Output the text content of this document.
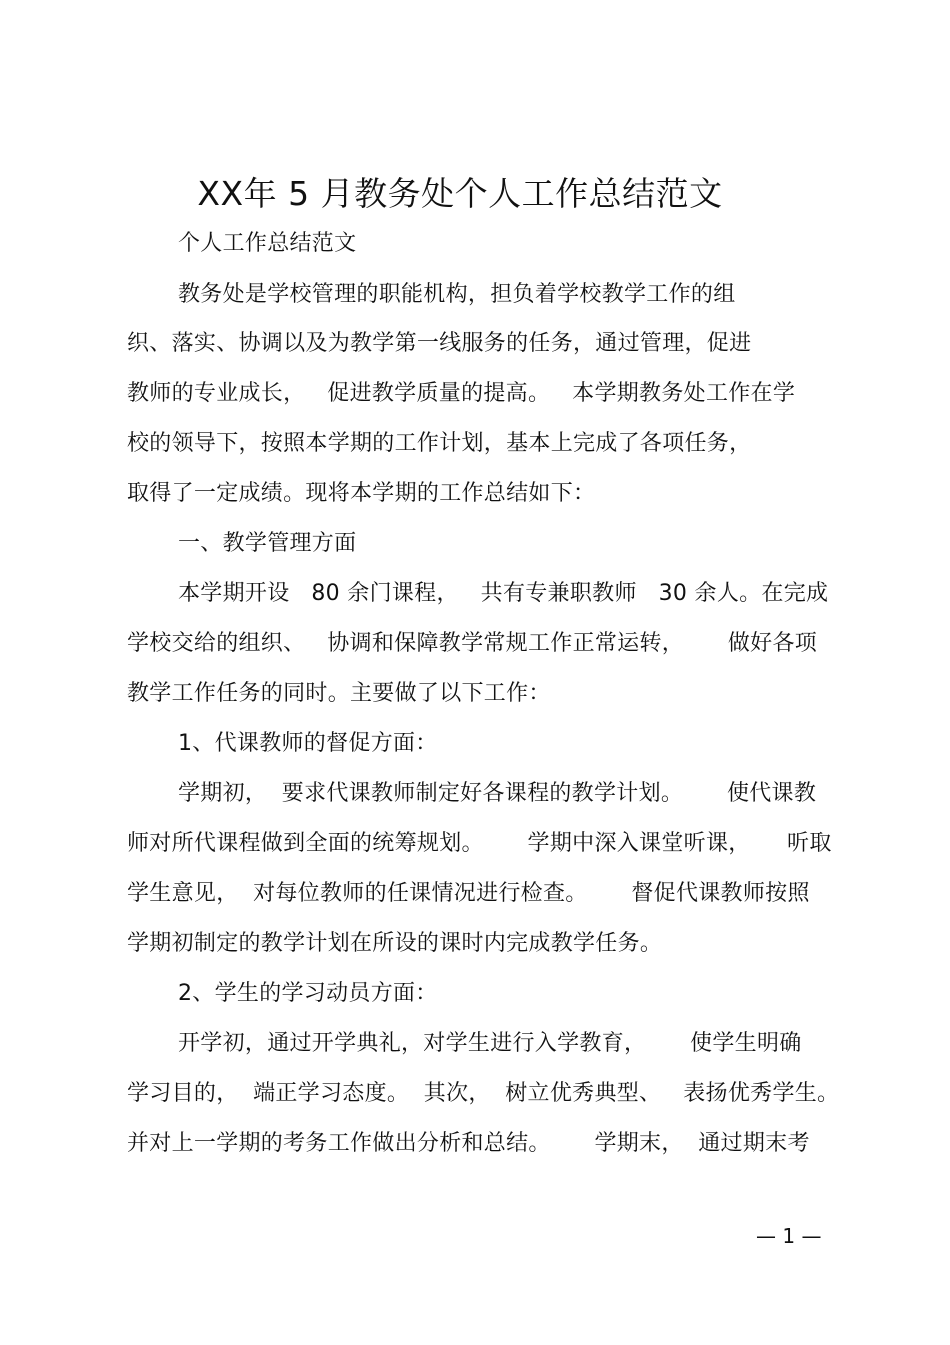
XX年 5 月教务处个人工作总结范文
个人工作总结范文
教务处是学校管理的职能机构，担负着学校教学工作的组
织、落实、协调以及为教学第一线服务的任务，通过管理，促进
教师的专业成长，   促进教学质量的提高。   本学期教务处工作在学
校的领导下，按照本学期的工作计划，基本上完成了各项任务，
取得了一定成绩。现将本学期的工作总结如下：
一、教学管理方面
本学期开设   80 余门课程，   共有专兼职教师   30 余人。在完成
学校交给的组织、   协调和保障教学常规工作正常运转，      做好各项
教学工作任务的同时。主要做了以下工作：
1、代课教师的督促方面：
学期初，  要求代课教师制定好各课程的教学计划。      使代课教
师对所代课程做到全面的统筹规划。      学期中深入课堂听课，     听取
学生意见，  对每位教师的任课情况进行检查。      督促代课教师按照
学期初制定的教学计划在所设的课时内完成教学任务。
2、学生的学习动员方面：
开学初，通过开学典礼，对学生进行入学教育，      使学生明确
学习目的，  端正学习态度。  其次，  树立优秀典型、   表扬优秀学生。
并对上一学期的考务工作做出分析和总结。      学期末，  通过期末考
— 1 —
